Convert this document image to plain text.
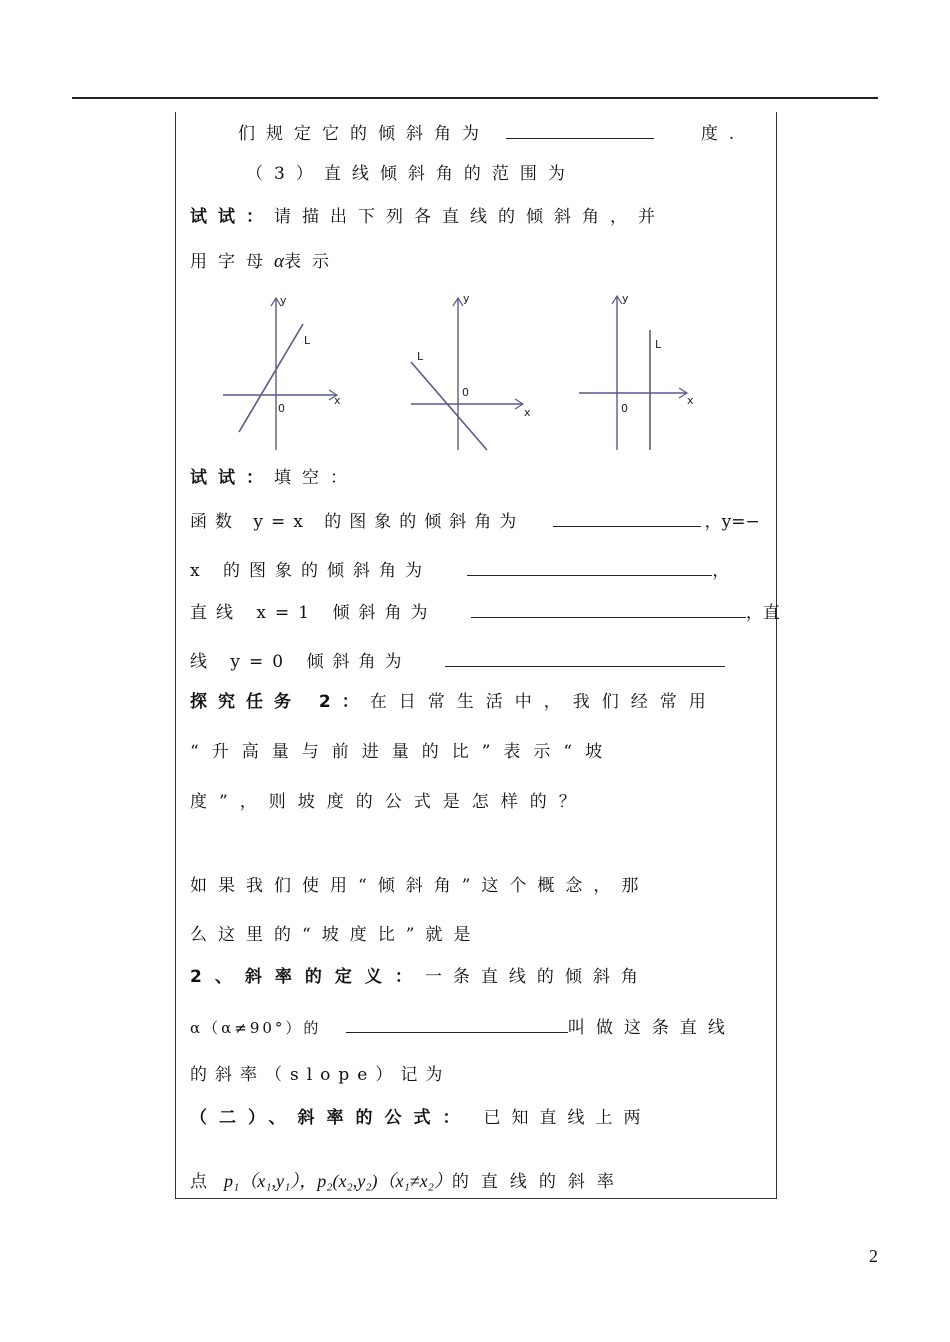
们规定它的倾斜角为	度.
（3）直线倾斜角的范围为
试试：请描出下列各直线的倾斜角，并
用字母α表示
y
x
0
L
y
x
0
L
y
x
0
L
试试：填空：
函数 y=x 的图象的倾斜角为	，y=−
x 的图象的倾斜角为	，
直线 x=1 倾斜角为	，直
线 y=0 倾斜角为
探究任务 2：在日常生活中，我们经常用
“升高量与前进量的比”表示“坡
度”，则坡度的公式是怎样的？
如果我们使用“倾斜角”这个概念，那
么这里的“坡度比”就是
2、斜率的定义：一条直线的倾斜角
α（α≠90°）的	叫做这条直线
的斜率（slope）记为
（二）、斜率的公式： 已知直线上两
点 p₁（x₁,y₁），p₂(x₂,y₂)（x₁≠x₂）的直线的斜率
2
